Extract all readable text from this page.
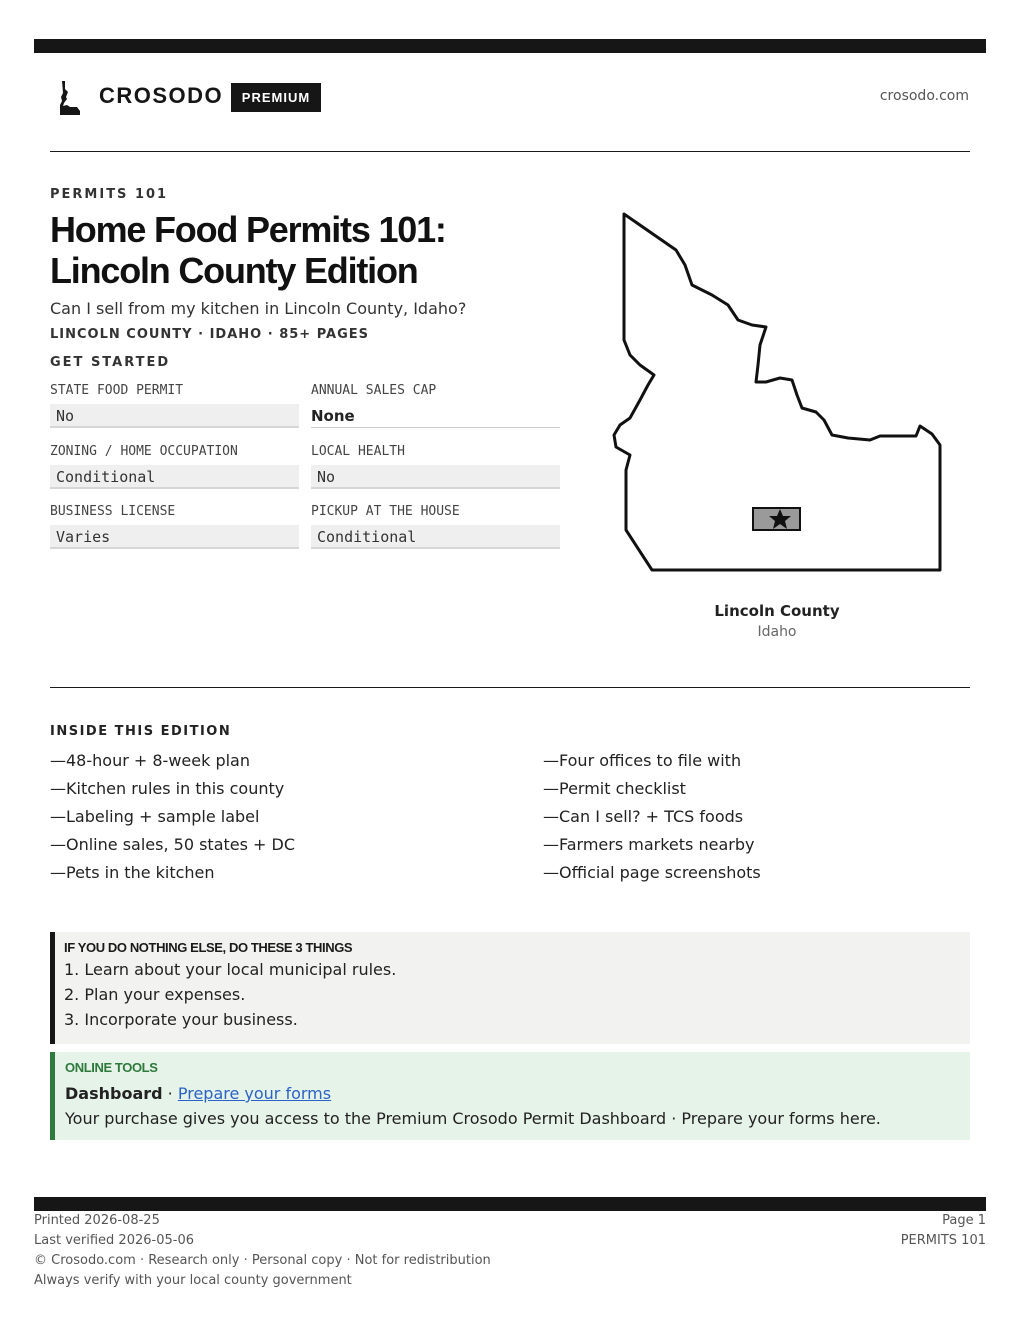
CROSODO	PREMIUM	crosodo.com
PERMITS 101
Home Food Permits 101: Lincoln County Edition
Can I sell from my kitchen in Lincoln County, Idaho?
LINCOLN COUNTY · IDAHO · 85+ PAGES
GET STARTED
STATE FOOD PERMIT
No
ANNUAL SALES CAP
None
ZONING / HOME OCCUPATION
Conditional
LOCAL HEALTH
No
BUSINESS LICENSE
Varies
PICKUP AT THE HOUSE
Conditional
Lincoln County
Idaho
INSIDE THIS EDITION
—48-hour + 8-week plan
—Kitchen rules in this county
—Labeling + sample label
—Online sales, 50 states + DC
—Pets in the kitchen
—Four offices to file with
—Permit checklist
—Can I sell? + TCS foods
—Farmers markets nearby
—Official page screenshots
IF YOU DO NOTHING ELSE, DO THESE 3 THINGS
1. Learn about your local municipal rules.
2. Plan your expenses.
3. Incorporate your business.
ONLINE TOOLS
Dashboard · Prepare your forms
Your purchase gives you access to the Premium Crosodo Permit Dashboard · Prepare your forms here.
Printed 2026-08-25
Last verified 2026-05-06
© Crosodo.com · Research only · Personal copy · Not for redistribution
Always verify with your local county government
Page 1
PERMITS 101
